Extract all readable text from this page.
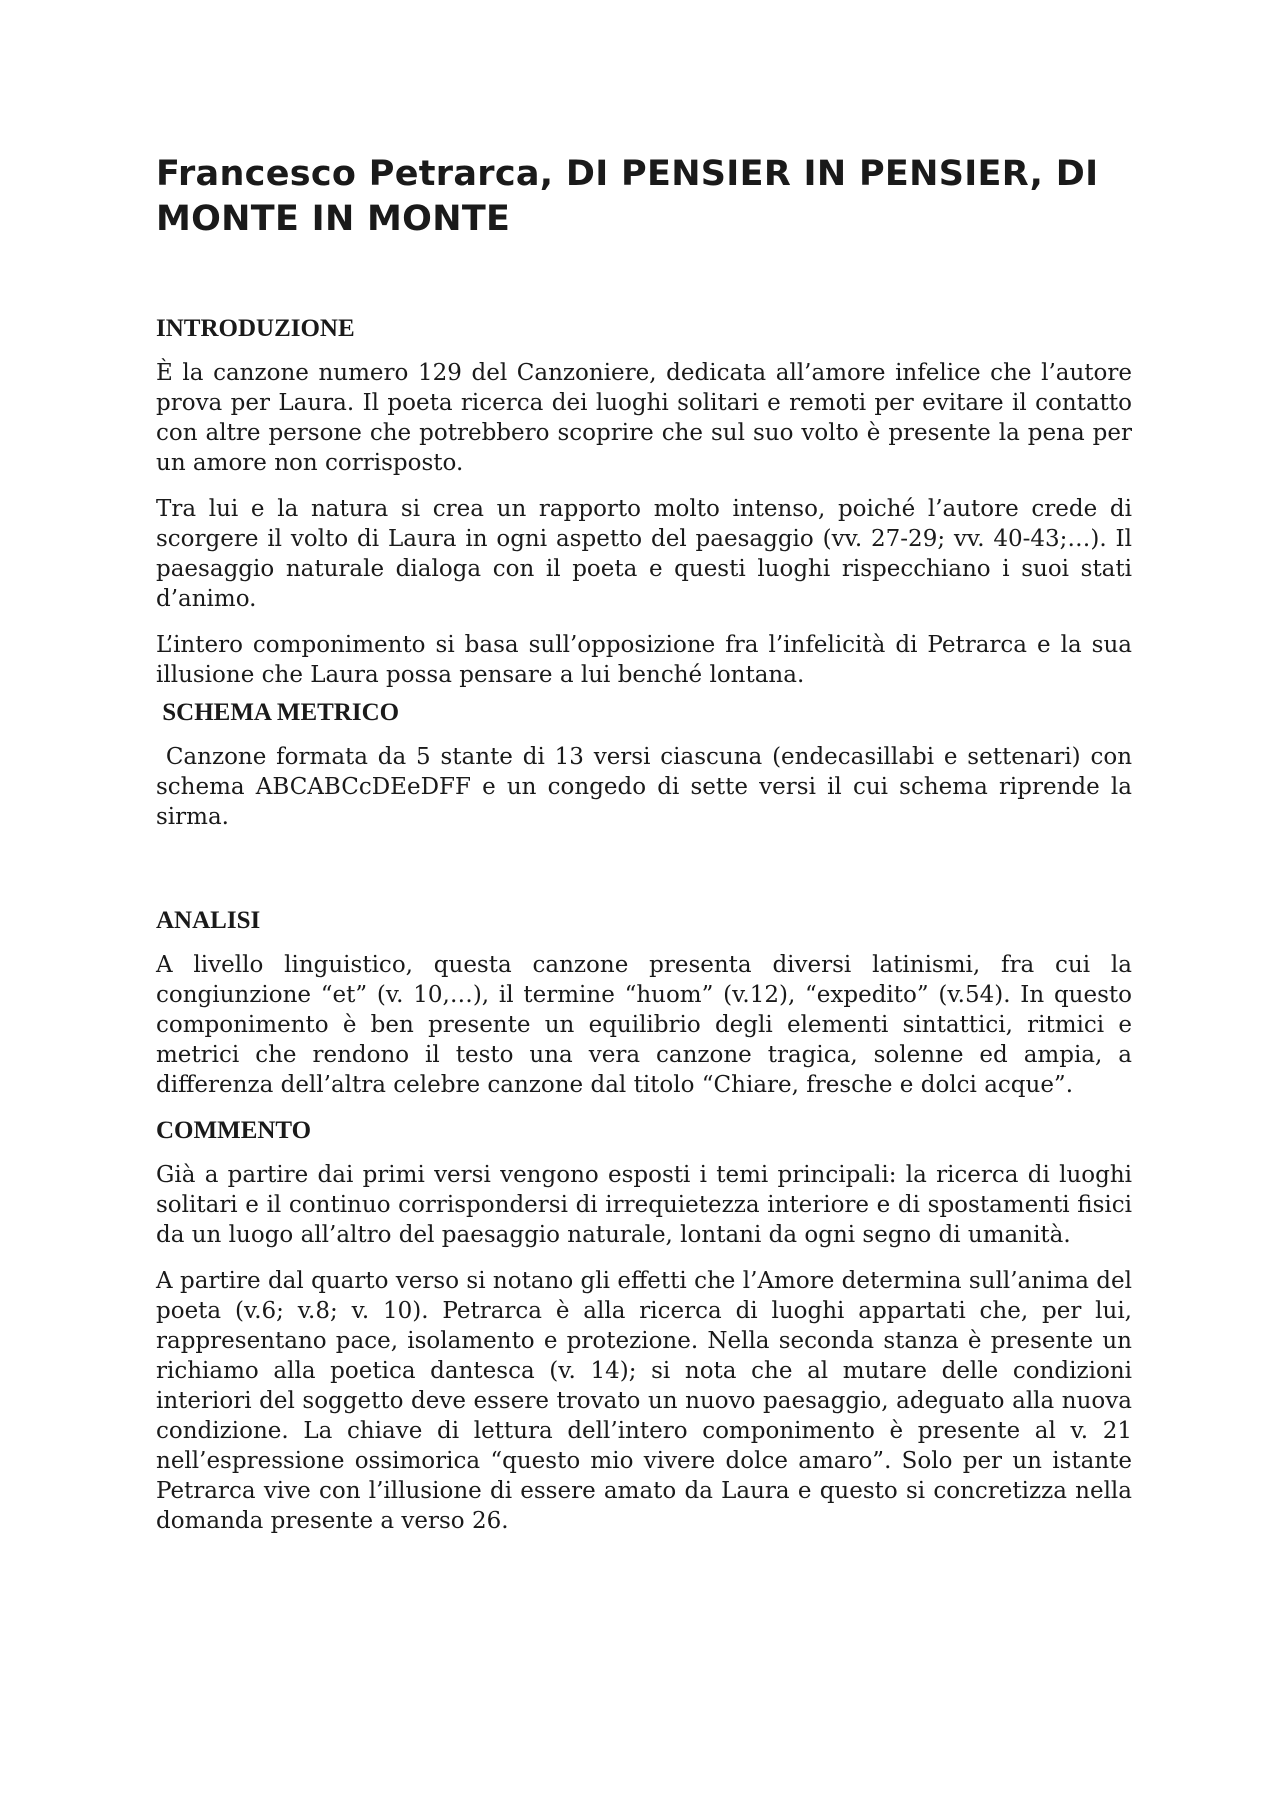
Francesco Petrarca, DI PENSIER IN PENSIER, DI MONTE IN MONTE
INTRODUZIONE

È la canzone numero 129 del Canzoniere, dedicata all’amore infelice che l’autore prova per Laura. Il poeta ricerca dei luoghi solitari e remoti per evitare il contatto con altre persone che potrebbero scoprire che sul suo volto è presente la pena per un amore non corrisposto.

Tra lui e la natura si crea un rapporto molto intenso, poiché l’autore crede di scorgere il volto di Laura in ogni aspetto del paesaggio (vv. 27-29; vv. 40-43;…). Il paesaggio naturale dialoga con il poeta e questi luoghi rispecchiano i suoi stati d’animo.

L’intero componimento si basa sull’opposizione fra l’infelicità di Petrarca e la sua illusione che Laura possa pensare a lui benché lontana.

SCHEMA METRICO

Canzone formata da 5 stante di 13 versi ciascuna (endecasillabi e settenari) con schema ABCABCcDEeDFF e un congedo di sette versi il cui schema riprende la sirma.

ANALISI

A livello linguistico, questa canzone presenta diversi latinismi, fra cui la congiunzione “et” (v. 10,…), il termine “huom” (v.12), “expedito” (v.54). In questo componimento è ben presente un equilibrio degli elementi sintattici, ritmici e metrici che rendono il testo una vera canzone tragica, solenne ed ampia, a differenza dell’altra celebre canzone dal titolo “Chiare, fresche e dolci acque”.

COMMENTO

Già a partire dai primi versi vengono esposti i temi principali: la ricerca di luoghi solitari e il continuo corrispondersi di irrequietezza interiore e di spostamenti fisici da un luogo all’altro del paesaggio naturale, lontani da ogni segno di umanità.

A partire dal quarto verso si notano gli effetti che l’Amore determina sull’anima del poeta (v.6; v.8; v. 10). Petrarca è alla ricerca di luoghi appartati che, per lui, rappresentano pace, isolamento e protezione. Nella seconda stanza è presente un richiamo alla poetica dantesca (v. 14); si nota che al mutare delle condizioni interiori del soggetto deve essere trovato un nuovo paesaggio, adeguato alla nuova condizione. La chiave di lettura dell’intero componimento è presente al v. 21 nell’espressione ossimorica “questo mio vivere dolce amaro”. Solo per un istante Petrarca vive con l’illusione di essere amato da Laura e questo si concretizza nella domanda presente a verso 26.
